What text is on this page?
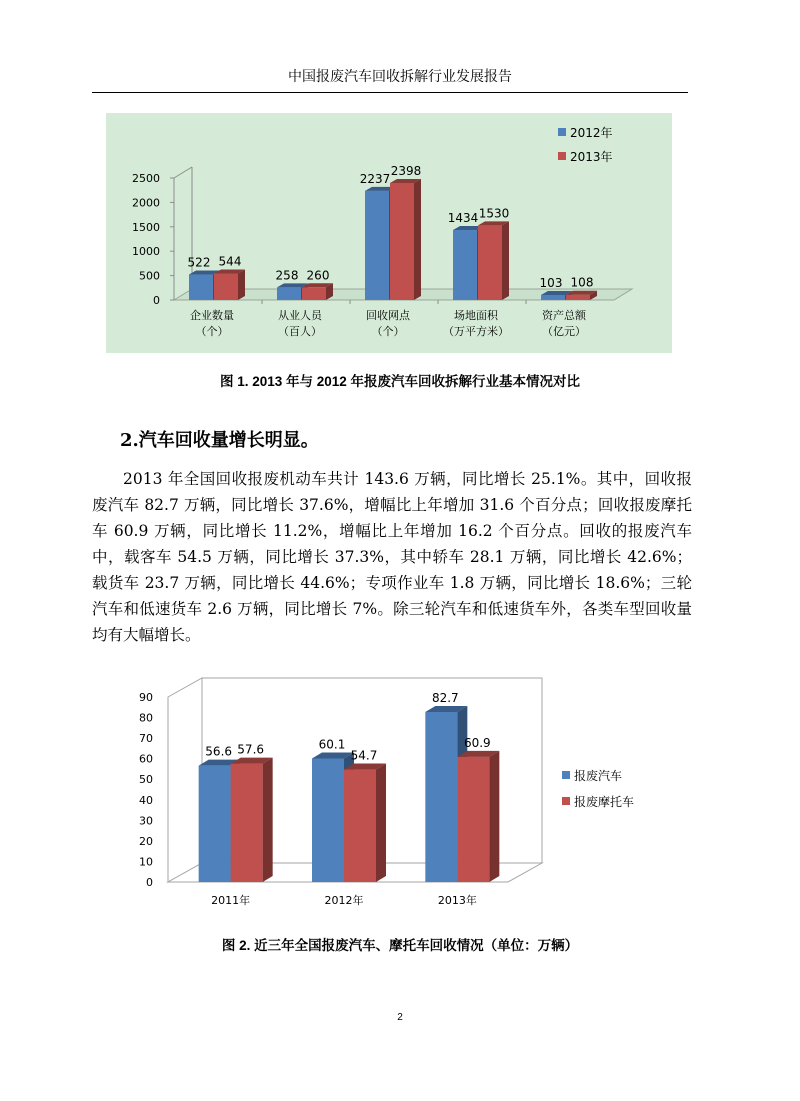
中国报废汽车回收拆解行业发展报告
0
500
1000
1500
2000
2500
522 544
企业数量
（个）
258 260
从业人员
（百人）
2237
2398
回收网点
（个）
1434 1530
场地面积
（万平方米）
103 108
资产总额
（亿元）
2012年
2013年
图 1. 2013 年与 2012 年报废汽车回收拆解行业基本情况对比
2.汽车回收量增长明显。

2013 年全国回收报废机动车共计 143.6 万辆，同比增长 25.1%。其中，回收报废汽车 82.7 万辆，同比增长 37.6%，增幅比上年增加 31.6 个百分点；回收报废摩托车 60.9 万辆，同比增长 11.2%，增幅比上年增加 16.2 个百分点。回收的报废汽车中，载客车 54.5 万辆，同比增长 37.3%，其中轿车 28.1 万辆，同比增长 42.6%；载货车 23.7 万辆，同比增长 44.6%；专项作业车 1.8 万辆，同比增长 18.6%；三轮汽车和低速货车 2.6 万辆，同比增长 7%。除三轮汽车和低速货车外，各类车型回收量均有大幅增长。

0
10
20
30
40
50
60
70
80
90
56.6 57.6
2011年
60.1
54.7
2012年
82.7
60.9
2013年
报废汽车
报废摩托车
图 2. 近三年全国报废汽车、摩托车回收情况（单位：万辆）
2
